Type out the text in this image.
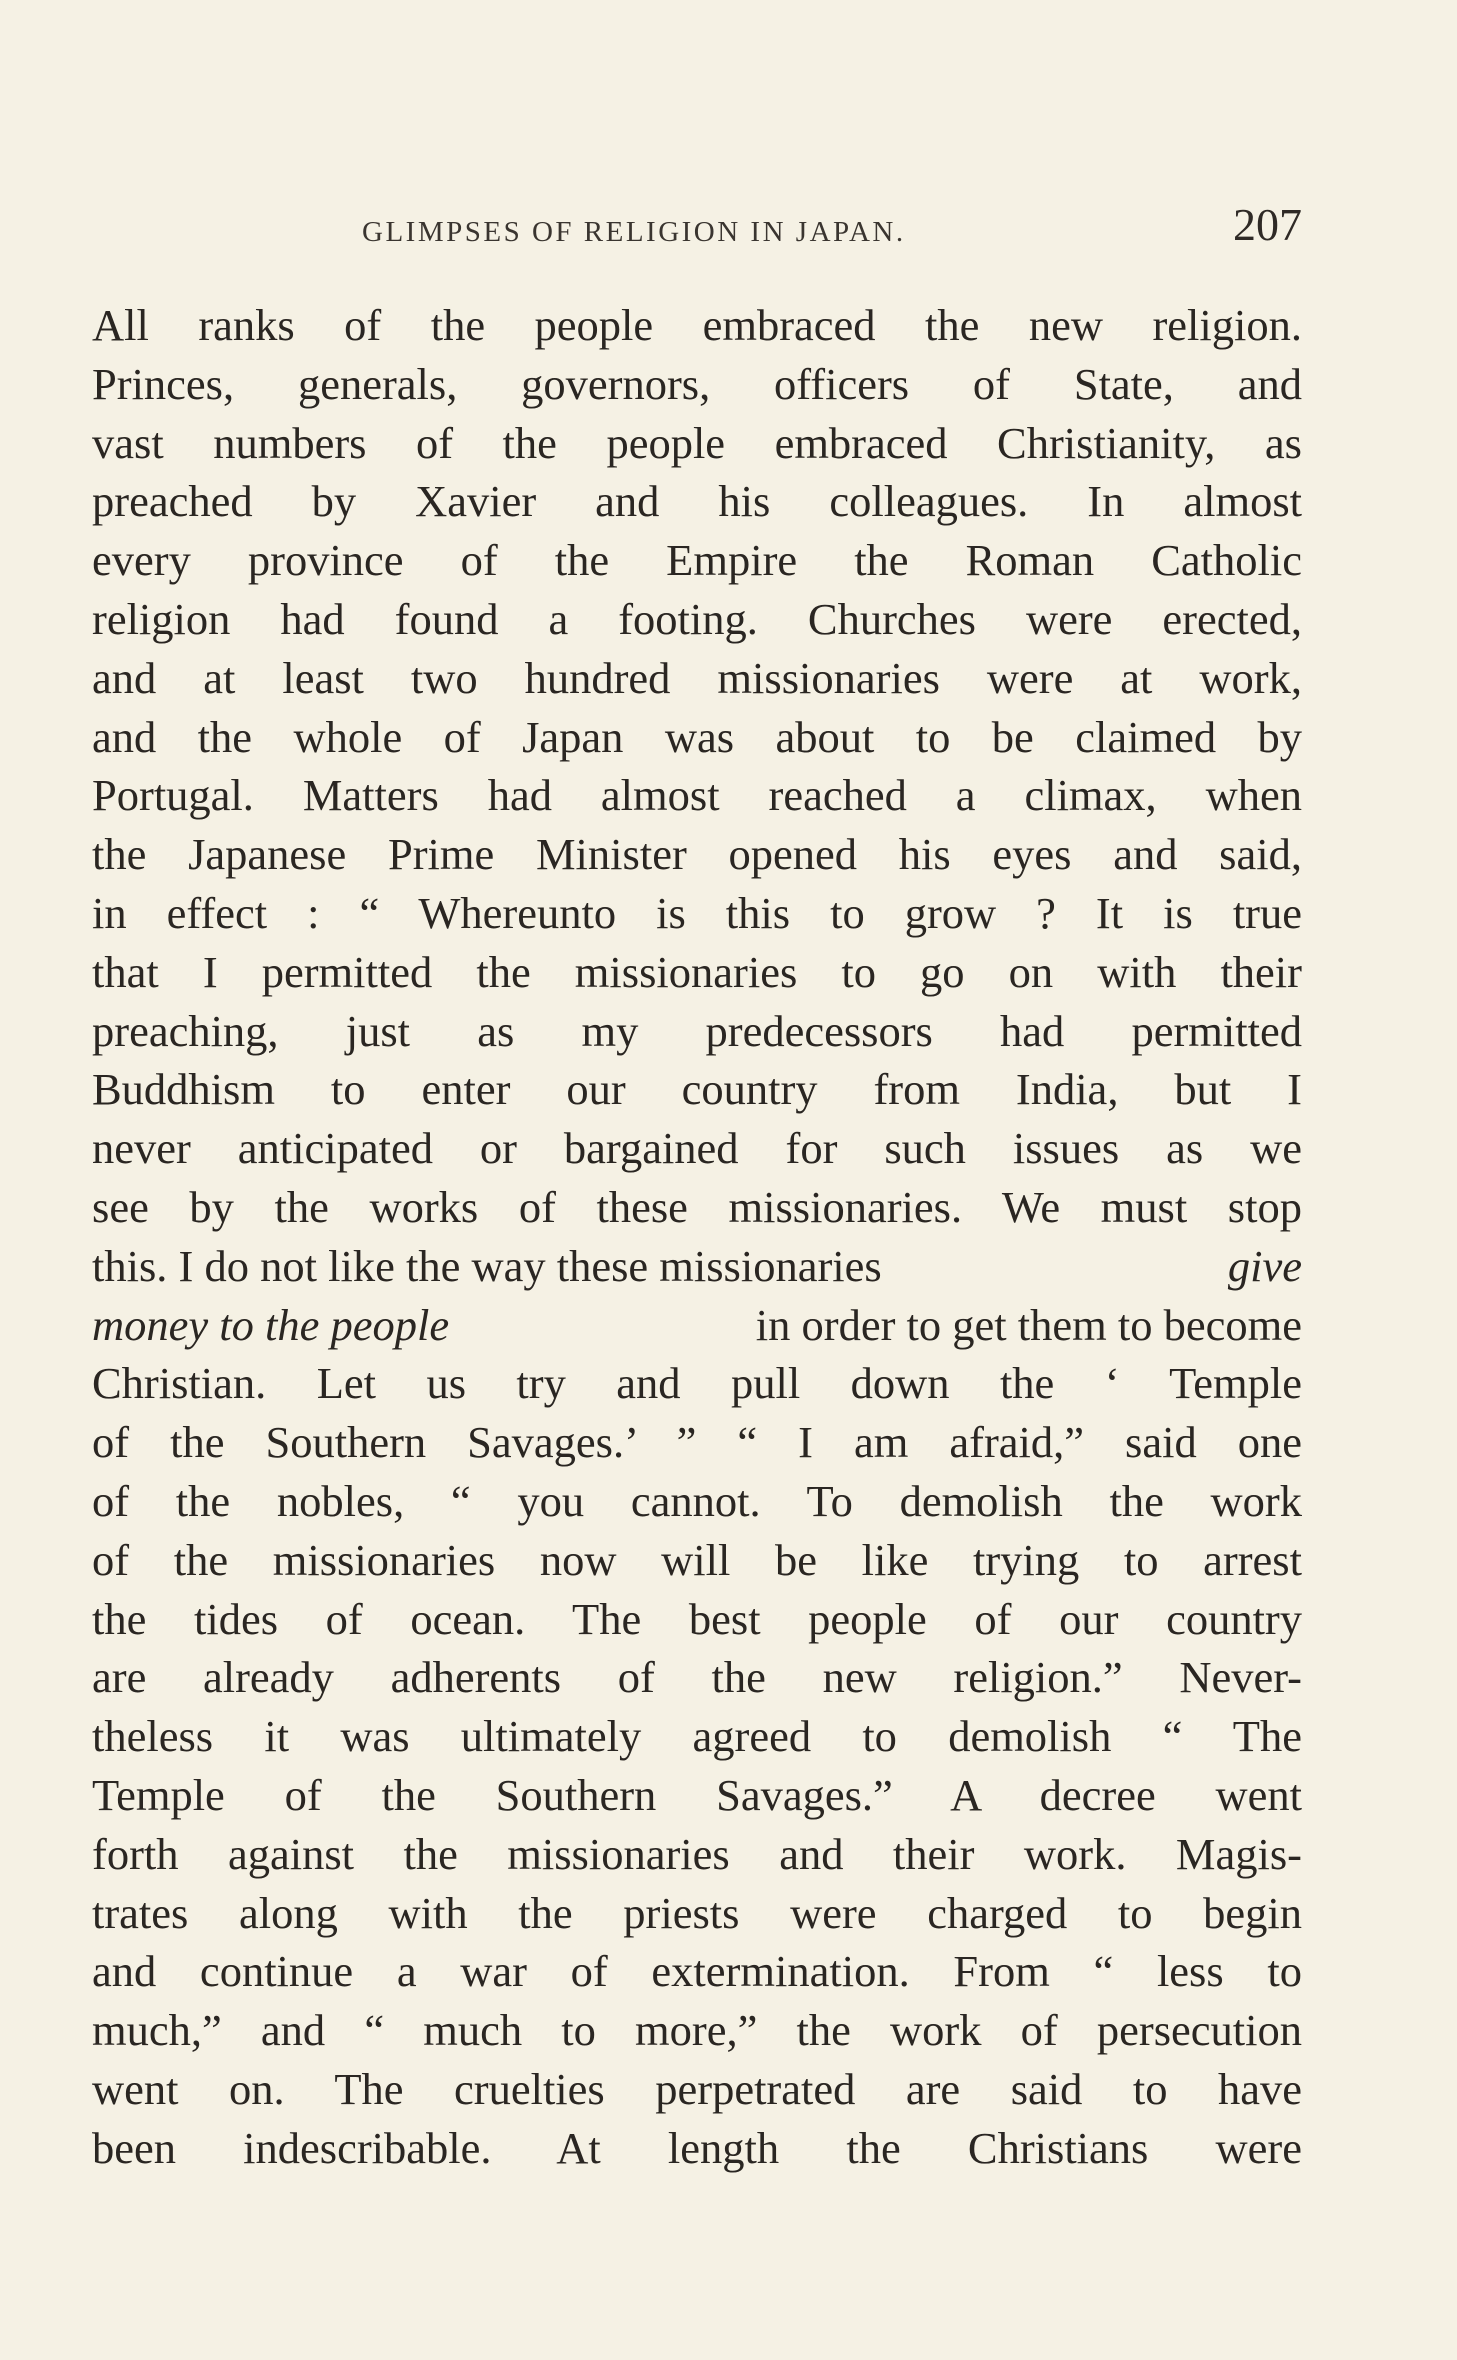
GLIMPSES OF RELIGION IN JAPAN.	207
All ranks of the people embraced the new religion.
Princes, generals, governors, officers of State, and
vast numbers of the people embraced Christianity, as
preached by Xavier and his colleagues. In almost
every province of the Empire the Roman Catholic
religion had found a footing. Churches were erected,
and at least two hundred missionaries were at work,
and the whole of Japan was about to be claimed by
Portugal. Matters had almost reached a climax, when
the Japanese Prime Minister opened his eyes and said,
in effect : “ Whereunto is this to grow ? It is true
that I permitted the missionaries to go on with their
preaching, just as my predecessors had permitted
Buddhism to enter our country from India, but I
never anticipated or bargained for such issues as we
see by the works of these missionaries. We must stop
this. I do not like the way these missionaries	give
money to the people	in order to get them to become
Christian. Let us try and pull down the ‘ Temple
of the Southern Savages.’ ” “ I am afraid,” said one
of the nobles, “ you cannot. To demolish the work
of the missionaries now will be like trying to arrest
the tides of ocean. The best people of our country
are already adherents of the new religion.” Never-
theless it was ultimately agreed to demolish “ The
Temple of the Southern Savages.” A decree went
forth against the missionaries and their work. Magis-
trates along with the priests were charged to begin
and continue a war of extermination. From “ less to
much,” and “ much to more,” the work of persecution
went on. The cruelties perpetrated are said to have
been indescribable. At length the Christians were
